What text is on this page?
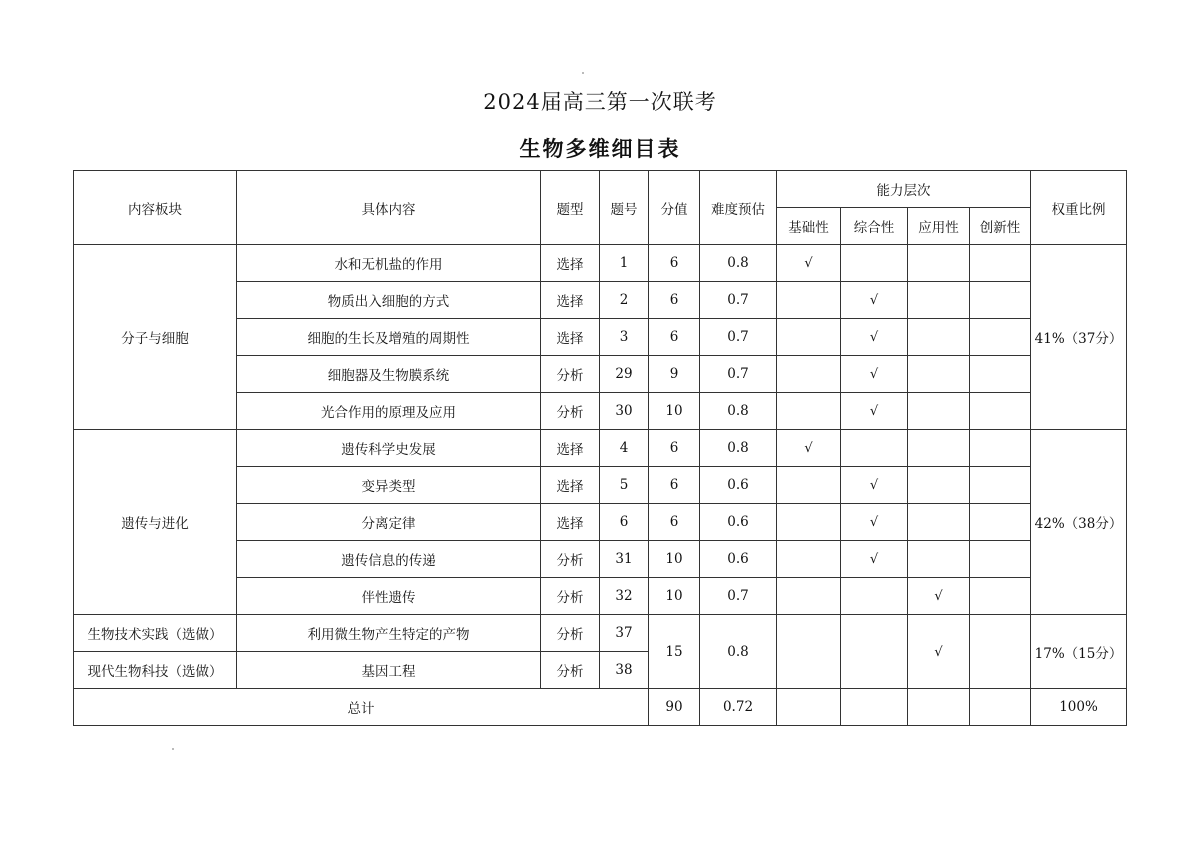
2024届高三第一次联考
生物多维细目表
内容板块	具体内容	题型	题号	分值	难度预估	能力层次				权重比例
						基础性	综合性	应用性	创新性	
分子与细胞	水和无机盐的作用	选择	1	6	0.8	√				41%（37分）
	物质出入细胞的方式	选择	2	6	0.7		√			
	细胞的生长及增殖的周期性	选择	3	6	0.7		√			
	细胞器及生物膜系统	分析	29	9	0.7		√			
	光合作用的原理及应用	分析	30	10	0.8		√			
遗传与进化	遗传科学史发展	选择	4	6	0.8	√				42%（38分）
	变异类型	选择	5	6	0.6		√			
	分离定律	选择	6	6	0.6		√			
	遗传信息的传递	分析	31	10	0.6		√			
	伴性遗传	分析	32	10	0.7			√		
生物技术实践（选做）	利用微生物产生特定的产物	分析	37	15	0.8			√		17%（15分）
现代生物科技（选做）	基因工程	分析	38							
总计				90	0.72					100%
